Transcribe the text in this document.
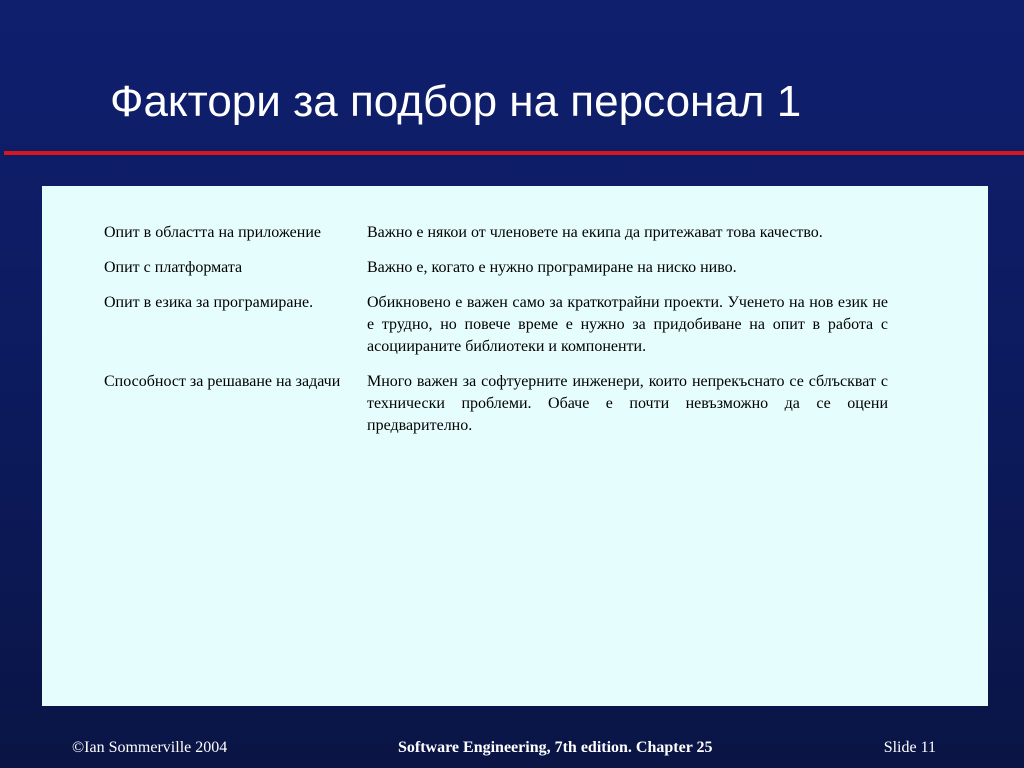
Фактори за подбор на персонал 1
Опит в областта на приложение	Важно е някои от членовете на екипа да притежават това качество.
Опит с платформата	Важно е, когато е нужно програмиране на ниско ниво.
Опит в езика за програмиране.	Обикновено е важен само за краткотрайни проекти. Ученето на нов език не е трудно, но повече време е нужно за придобиване на опит в работа с асоциираните библиотеки и компоненти.
Способност за решаване на задачи	Много важен за софтуерните инженери, които непрекъснато се сблъскват с технически проблеми. Обаче е почти невъзможно да се оцени предварително.
©Ian Sommerville 2004	Software Engineering, 7th edition. Chapter 25	Slide 11
